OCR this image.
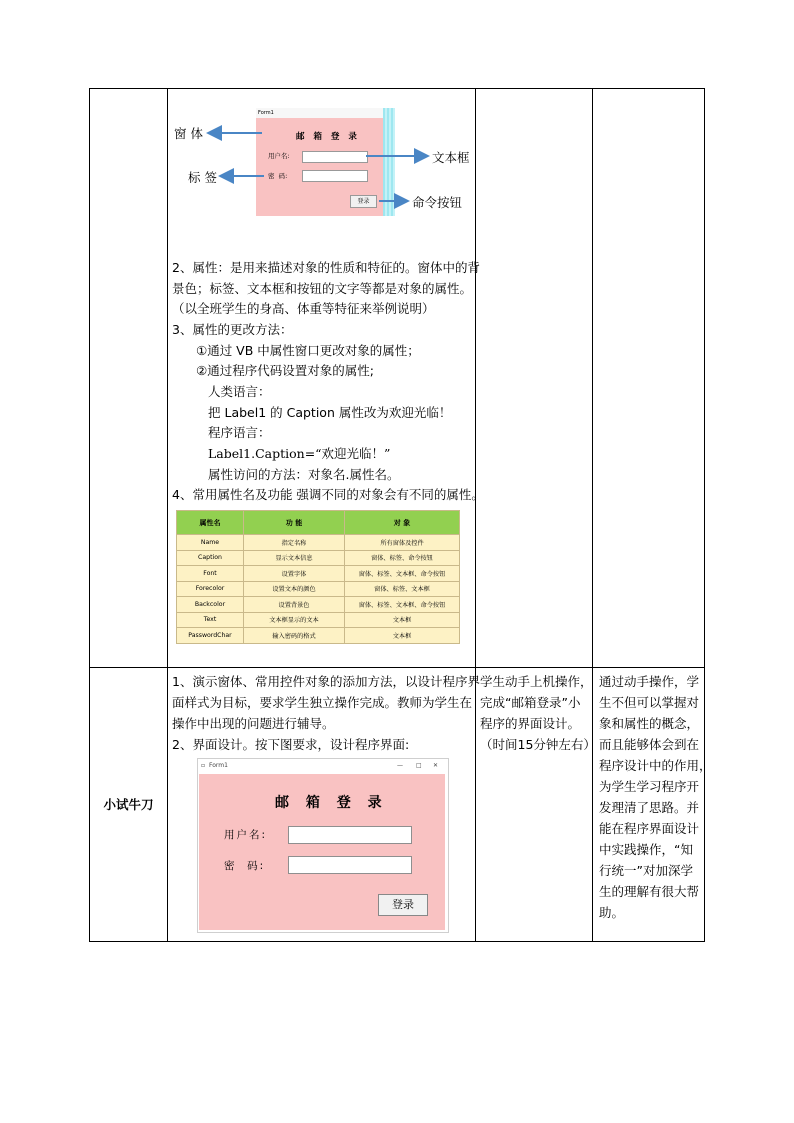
Form1
邮 箱 登 录
用户名:
密  码:
登录
窗 体
标 签
文本框
命令按钮
2、属性：是用来描述对象的性质和特征的。窗体中的背
景色；标签、文本框和按钮的文字等都是对象的属性。
（以全班学生的身高、体重等特征来举例说明）
3、属性的更改方法：
①通过 VB 中属性窗口更改对象的属性；
②通过程序代码设置对象的属性;
人类语言：
把 Label1 的 Caption 属性改为欢迎光临！
程序语言：
Label1.Caption=“欢迎光临！”
属性访问的方法：对象名.属性名。
4、常用属性名及功能 强调不同的对象会有不同的属性。
属性名	功 能	对 象
Name	指定名称	所有窗体及控件
Caption	显示文本信息	窗体、标签、命令按钮
Font	设置字体	窗体、标签、文本框、命令按钮
Forecolor	设置文本的颜色	窗体、标签、文本框
Backcolor	设置背景色	窗体、标签、文本框、命令按钮
Text	文本框显示的文本	文本框
PasswordChar	输入密码的格式	文本框
小试牛刀
1、演示窗体、常用控件对象的添加方法，以设计程序界
面样式为目标，要求学生独立操作完成。教师为学生在
操作中出现的问题进行辅导。
2、界面设计。按下图要求，设计程序界面:
▫ Form1	— □ ✕
邮 箱 登 录
用户名:
密  码:
登录
学生动手上机操作，
完成“邮箱登录”小
程序的界面设计。
（时间15分钟左右）
通过动手操作，学
生不但可以掌握对
象和属性的概念，
而且能够体会到在
程序设计中的作用，
为学生学习程序开
发理清了思路。并
能在程序界面设计
中实践操作，“知
行统一”对加深学
生的理解有很大帮
助。
